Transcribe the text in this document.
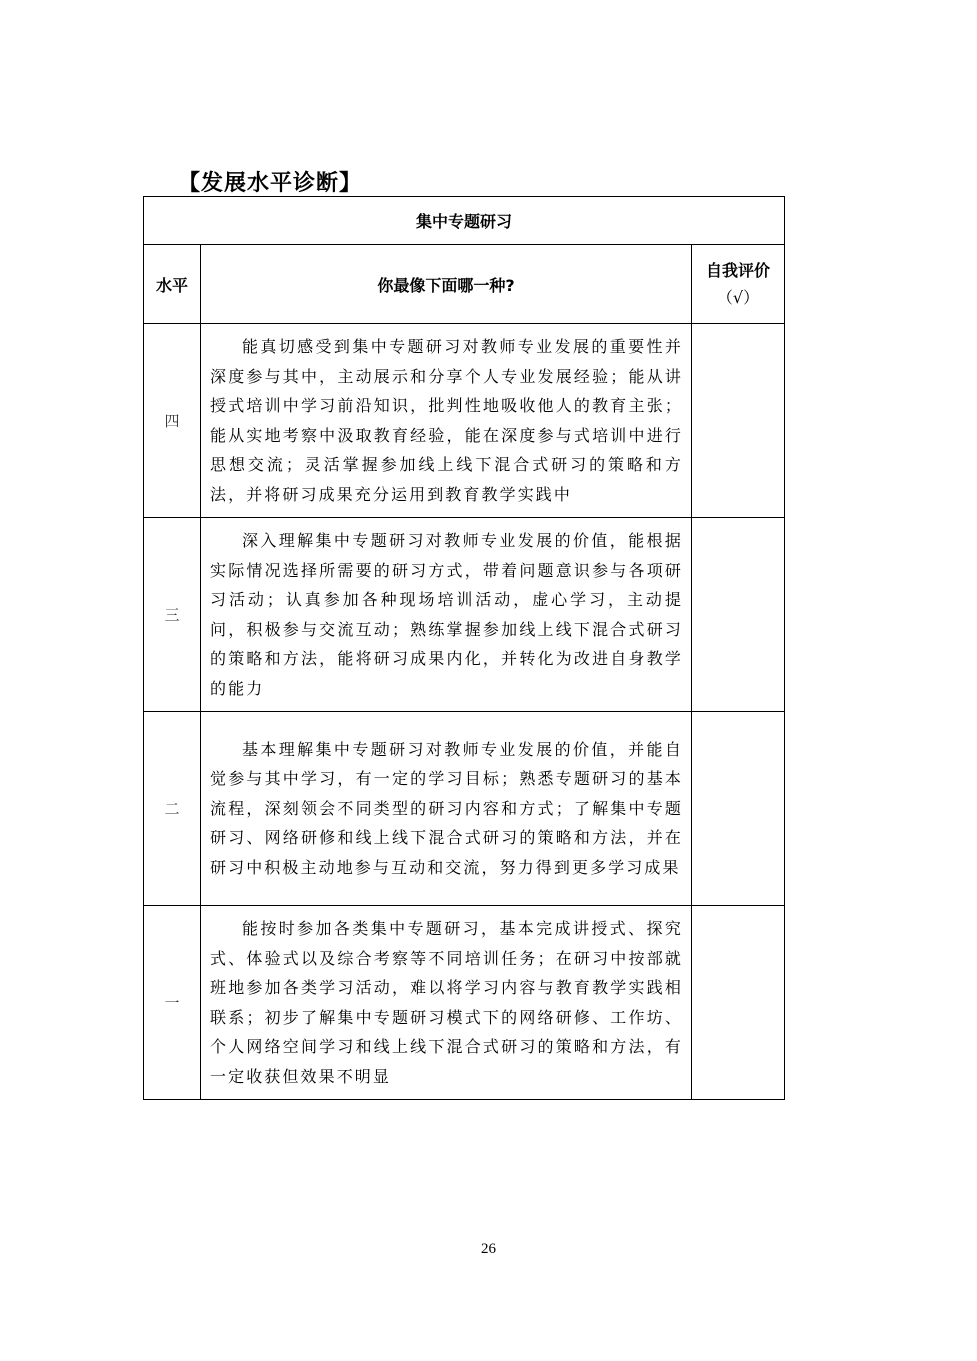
【发展水平诊断】
集中专题研习		
水平	你最像下面哪一种?	自我评价
（√）

四	能真切感受到集中专题研习对教师专业发展的重要性并深度参与其中，主动展示和分享个人专业发展经验；能从讲授式培训中学习前沿知识，批判性地吸收他人的教育主张；能从实地考察中汲取教育经验，能在深度参与式培训中进行思想交流；灵活掌握参加线上线下混合式研习的策略和方法，并将研习成果充分运用到教育教学实践中	
三	深入理解集中专题研习对教师专业发展的价值，能根据实际情况选择所需要的研习方式，带着问题意识参与各项研习活动；认真参加各种现场培训活动，虚心学习，主动提问，积极参与交流互动；熟练掌握参加线上线下混合式研习的策略和方法，能将研习成果内化，并转化为改进自身教学的能力	
二	基本理解集中专题研习对教师专业发展的价值，并能自觉参与其中学习，有一定的学习目标；熟悉专题研习的基本流程，深刻领会不同类型的研习内容和方式；了解集中专题研习、网络研修和线上线下混合式研习的策略和方法，并在研习中积极主动地参与互动和交流，努力得到更多学习成果	
一	能按时参加各类集中专题研习，基本完成讲授式、探究式、体验式以及综合考察等不同培训任务；在研习中按部就班地参加各类学习活动，难以将学习内容与教育教学实践相联系；初步了解集中专题研习模式下的网络研修、工作坊、个人网络空间学习和线上线下混合式研习的策略和方法，有一定收获但效果不明显	
26
